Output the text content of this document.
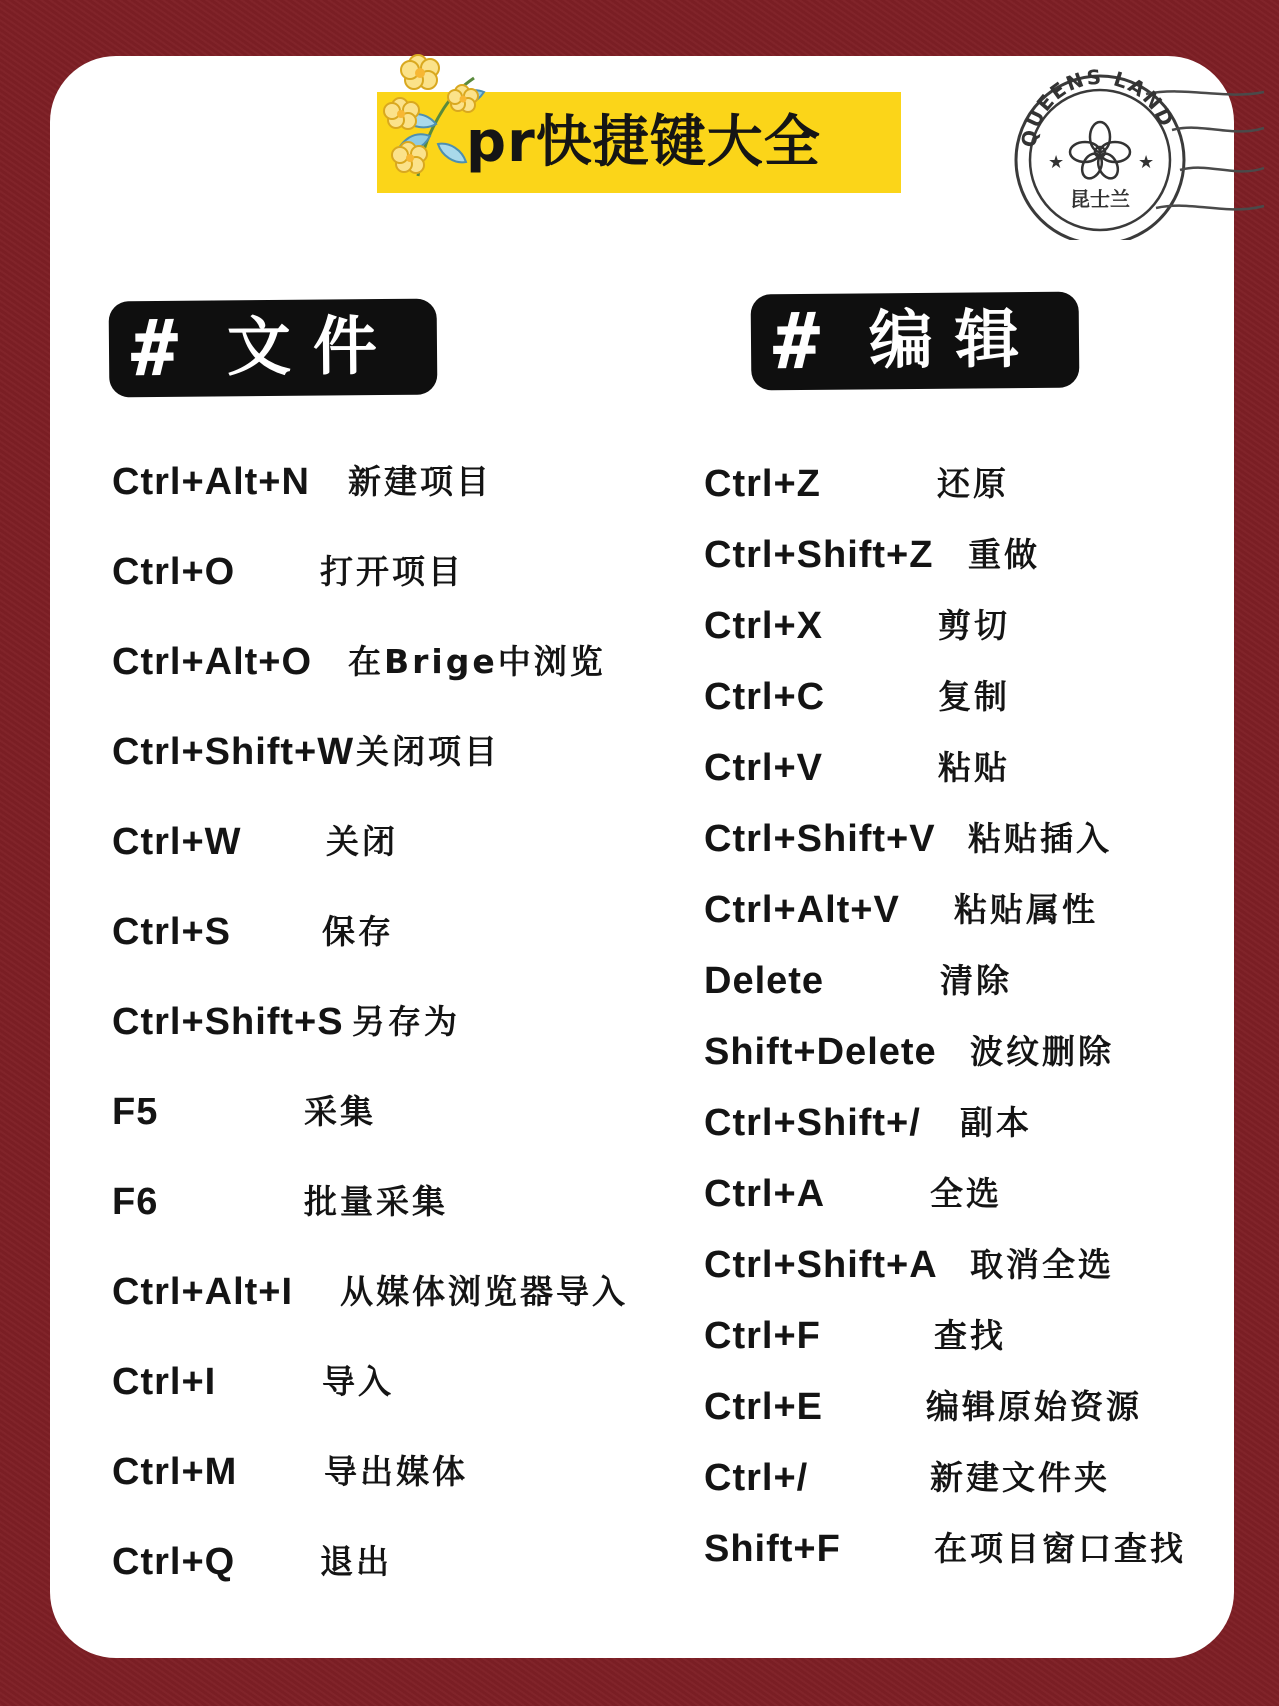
pr快捷键大全	QUEENS LAND
★	★
昆士兰
# 文件	# 编辑
Ctrl+Alt+N 新建项目
Ctrl+O	打开项目
Ctrl+Alt+O 在Brige中浏览
Ctrl+Shift+W 关闭项目
Ctrl+W	关闭
Ctrl+S	保存
Ctrl+Shift+S 另存为
F5	采集
F6	批量采集
Ctrl+Alt+I 从媒体浏览器导入
Ctrl+I	导入
Ctrl+M	导出媒体
Ctrl+Q	退出
Ctrl+Z	还原
Ctrl+Shift+Z 重做
Ctrl+X	剪切
Ctrl+C	复制
Ctrl+V	粘贴
Ctrl+Shift+V 粘贴插入
Ctrl+Alt+V 粘贴属性
Delete	清除
Shift+Delete 波纹删除
Ctrl+Shift+/ 副本
Ctrl+A	全选
Ctrl+Shift+A 取消全选
Ctrl+F	查找
Ctrl+E	编辑原始资源
Ctrl+/	新建文件夹
Shift+F	在项目窗口查找
